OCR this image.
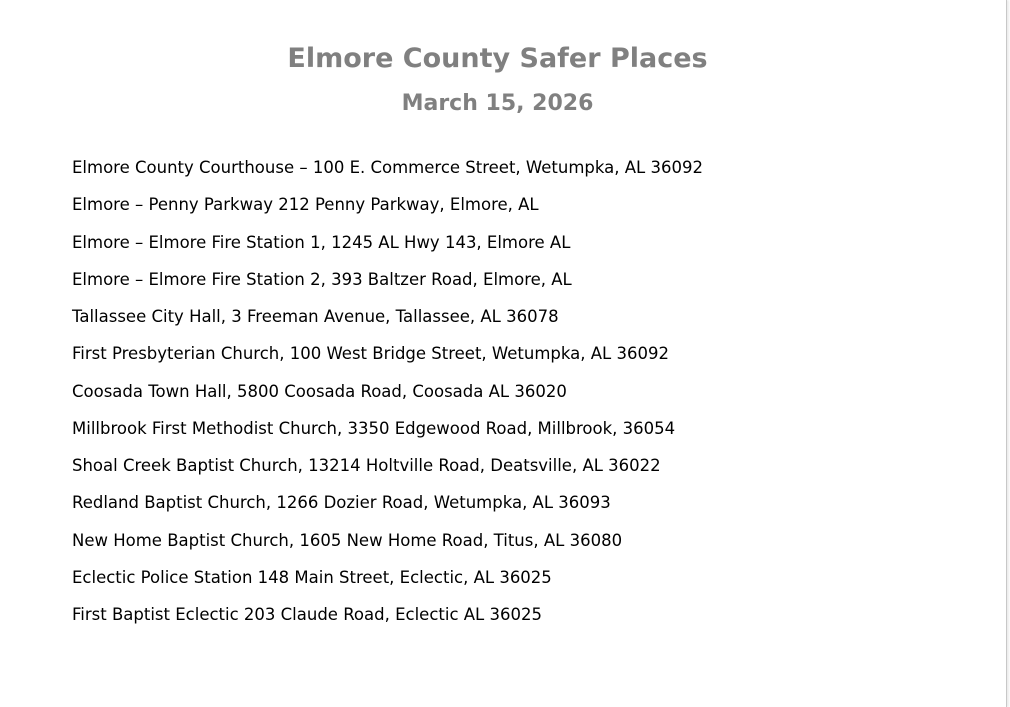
Elmore County Safer Places
March 15, 2026
Elmore County Courthouse – 100 E. Commerce Street, Wetumpka, AL 36092
Elmore – Penny Parkway 212 Penny Parkway, Elmore, AL
Elmore – Elmore Fire Station 1, 1245 AL Hwy 143, Elmore AL
Elmore – Elmore Fire Station 2, 393 Baltzer Road, Elmore, AL
Tallassee City Hall, 3 Freeman Avenue, Tallassee, AL 36078
First Presbyterian Church, 100 West Bridge Street, Wetumpka, AL 36092
Coosada Town Hall, 5800 Coosada Road, Coosada AL 36020
Millbrook First Methodist Church, 3350 Edgewood Road, Millbrook, 36054
Shoal Creek Baptist Church, 13214 Holtville Road, Deatsville, AL 36022
Redland Baptist Church, 1266 Dozier Road, Wetumpka, AL 36093
New Home Baptist Church, 1605 New Home Road, Titus, AL 36080
Eclectic Police Station 148 Main Street, Eclectic, AL 36025
First Baptist Eclectic 203 Claude Road, Eclectic AL 36025
